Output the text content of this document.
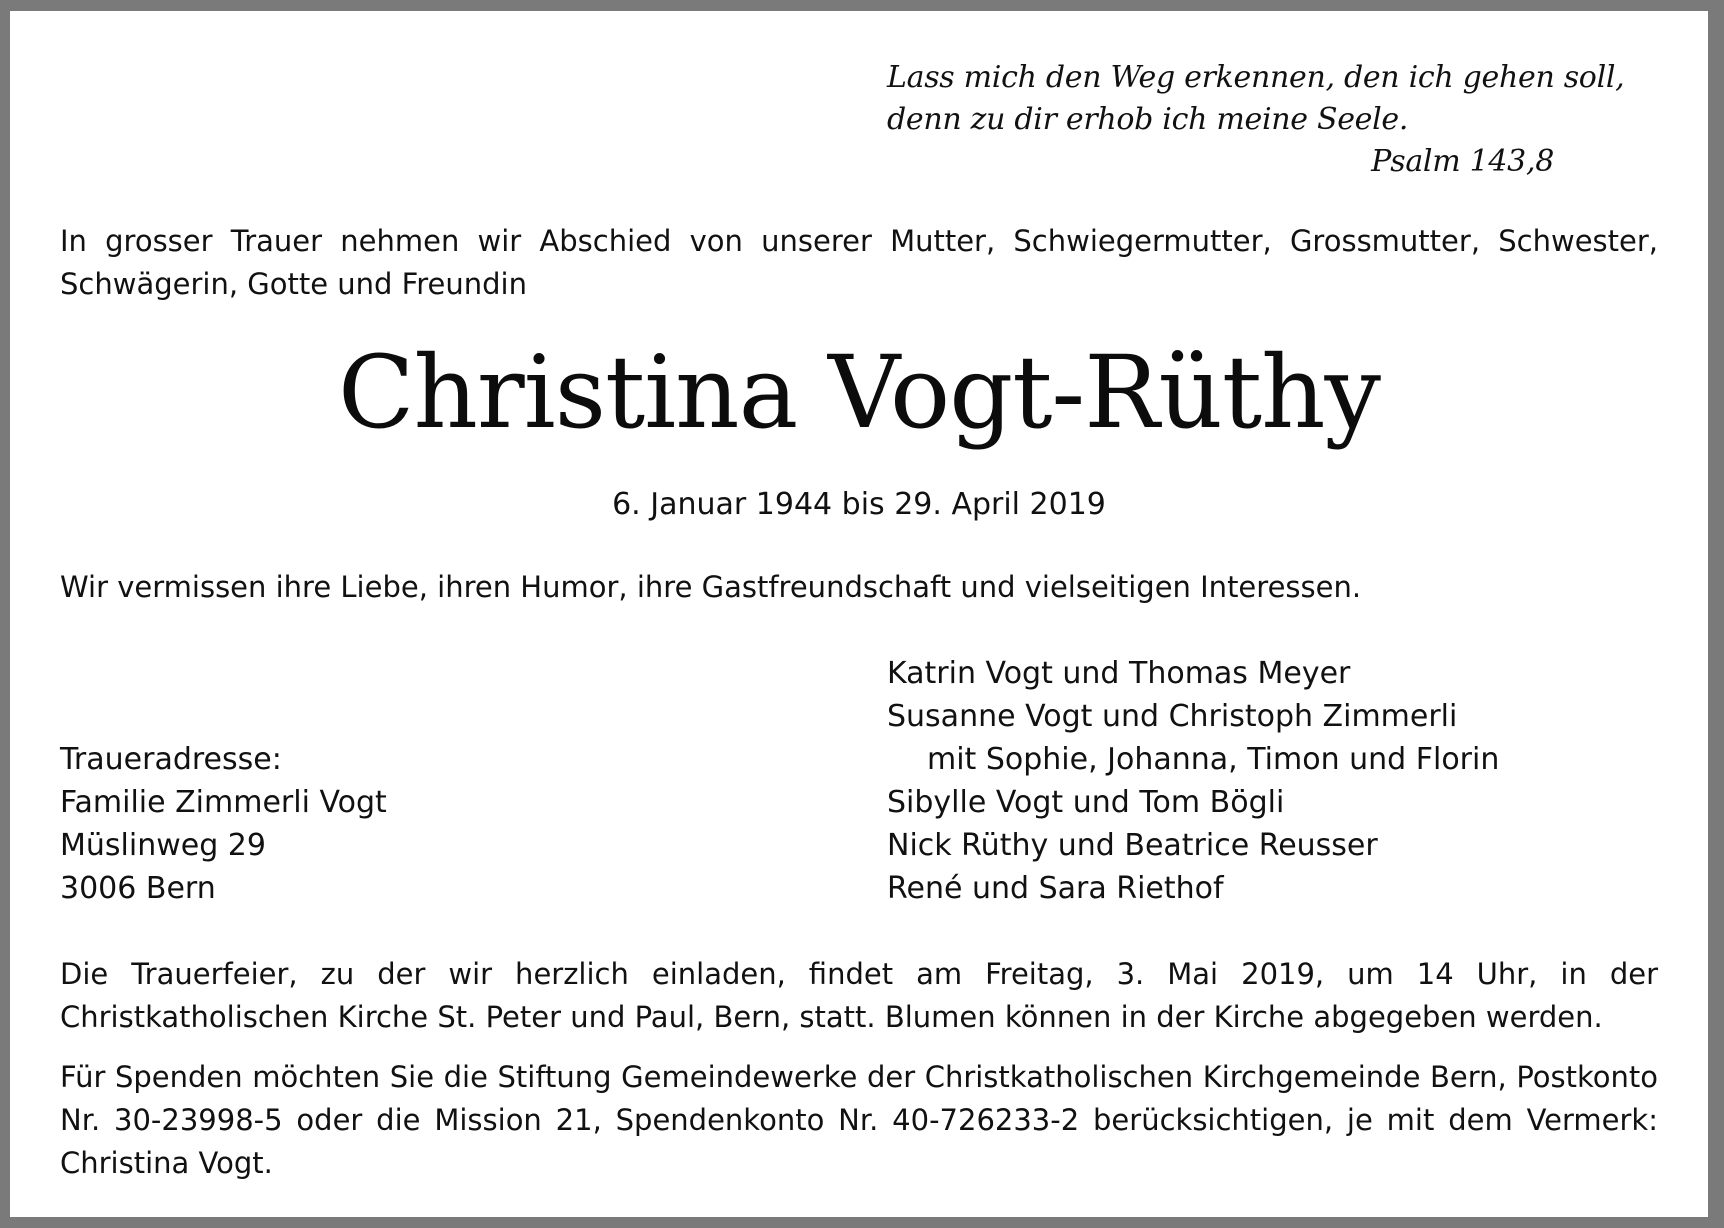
Lass mich den Weg erkennen, den ich gehen soll,
denn zu dir erhob ich meine Seele.
Psalm 143,8
In grosser Trauer nehmen wir Abschied von unserer Mutter, Schwiegermutter, Grossmutter, Schwester, Schwägerin, Gotte und Freundin
Christina Vogt-Rüthy
6. Januar 1944 bis 29. April 2019
Wir vermissen ihre Liebe, ihren Humor, ihre Gastfreundschaft und vielseitigen Interessen.
Katrin Vogt und Thomas Meyer
Susanne Vogt und Christoph Zimmerli
mit Sophie, Johanna, Timon und Florin
Sibylle Vogt und Tom Bögli
Nick Rüthy und Beatrice Reusser
René und Sara Riethof
Traueradresse:
Familie Zimmerli Vogt
Müslinweg 29
3006 Bern
Die Trauerfeier, zu der wir herzlich einladen, findet am Freitag, 3. Mai 2019, um 14 Uhr, in der Christkatholischen Kirche St. Peter und Paul, Bern, statt. Blumen können in der Kirche abgegeben werden.
Für Spenden möchten Sie die Stiftung Gemeindewerke der Christkatholischen Kirchgemeinde Bern, Postkonto Nr. 30-23998-5 oder die Mission 21, Spendenkonto Nr. 40-726233-2 berücksichtigen, je mit dem Vermerk: Christina Vogt.
